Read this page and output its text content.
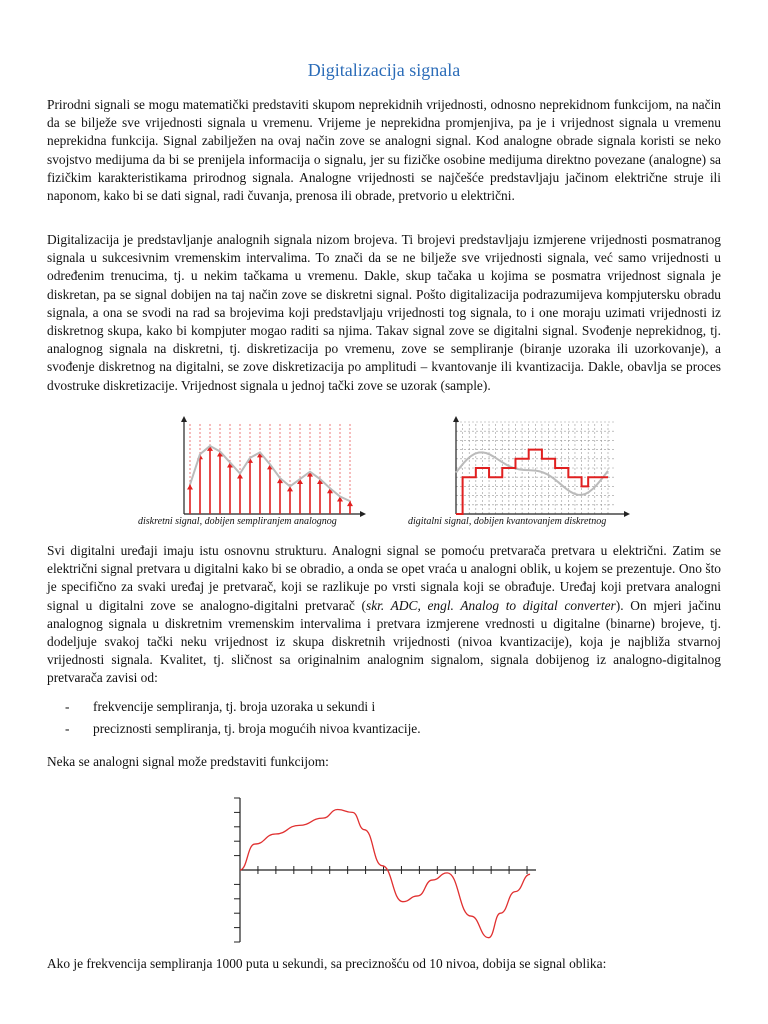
Digitalizacija signala

Prirodni signali se mogu matematički predstaviti skupom neprekidnih vrijednosti, odnosno neprekidnom funkcijom, na način da se bilježe sve vrijednosti signala u vremenu. Vrijeme je neprekidna promjenjiva, pa je i vrijednost signala u vremenu neprekidna funkcija. Signal zabilježen na ovaj način zove se analogni signal. Kod analogne obrade signala koristi se neko svojstvo medijuma da bi se prenijela informacija o signalu, jer su fizičke osobine medijuma direktno povezane (analogne) sa fizičkim karakteristikama prirodnog signala. Analogne vrijednosti se najčešće predstavljaju jačinom električne struje ili naponom, kako bi se dati signal, radi čuvanja, prenosa ili obrade, pretvorio u električni.

Digitalizacija je predstavljanje analognih signala nizom brojeva. Ti brojevi predstavljaju izmjerene vrijednosti posmatranog signala u sukcesivnim vremenskim intervalima. To znači da se ne bilježe sve vrijednosti signala, već samo vrijednosti u određenim trenucima, tj. u nekim tačkama u vremenu. Dakle, skup tačaka u kojima se posmatra vrijednost signala je diskretan, pa se signal dobijen na taj način zove se diskretni signal. Pošto digitalizacija podrazumijeva kompjutersku obradu signala, a ona se svodi na rad sa brojevima koji predstavljaju vrijednosti tog signala, to i one moraju uzimati vrijednosti iz diskretnog skupa, kako bi kompjuter mogao raditi sa njima. Takav signal zove se digitalni signal. Svođenje neprekidnog, tj. analognog signala na diskretni, tj. diskretizacija po vremenu, zove se sempliranje (biranje uzoraka ili uzorkovanje), a svođenje diskretnog na digitalni, se zove diskretizacija po amplitudi – kvantovanje ili kvantizacija. Dakle, obavlja se proces dvostruke diskretizacije. Vrijednost signala u jednoj tački zove se uzorak (sample).

diskretni signal, dobijen sempliranjem analognog	digitalni signal, dobijen kvantovanjem diskretnog

Svi digitalni uređaji imaju istu osnovnu strukturu. Analogni signal se pomoću pretvarača pretvara u električni. Zatim se električni signal pretvara u digitalni kako bi se obradio, a onda se opet vraća u analogni oblik, u kojem se prezentuje. Ono što je specifično za svaki uređaj je pretvarač, koji se razlikuje po vrsti signala koji se obrađuje. Uređaj koji pretvara analogni signal u digitalni zove se analogno-digitalni pretvarač (skr. ADC, engl. Analog to digital converter). On mjeri jačinu analognog signala u diskretnim vremenskim intervalima i pretvara izmjerene vrednosti u digitalne (binarne) brojeve, tj. dodeljuje svakoj tački neku vrijednost iz skupa diskretnih vrijednosti (nivoa kvantizacije), koja je najbliža stvarnoj vrijednosti signala. Kvalitet, tj. sličnost sa originalnim analognim signalom, signala dobijenog iz analogno-digitalnog pretvarača zavisi od:

- frekvencije sempliranja, tj. broja uzoraka u sekundi i
- preciznosti sempliranja, tj. broja mogućih nivoa kvantizacije.

Neka se analogni signal može predstaviti funkcijom:

Ako je frekvencija sempliranja 1000 puta u sekundi, sa preciznošću od 10 nivoa, dobija se signal oblika:
